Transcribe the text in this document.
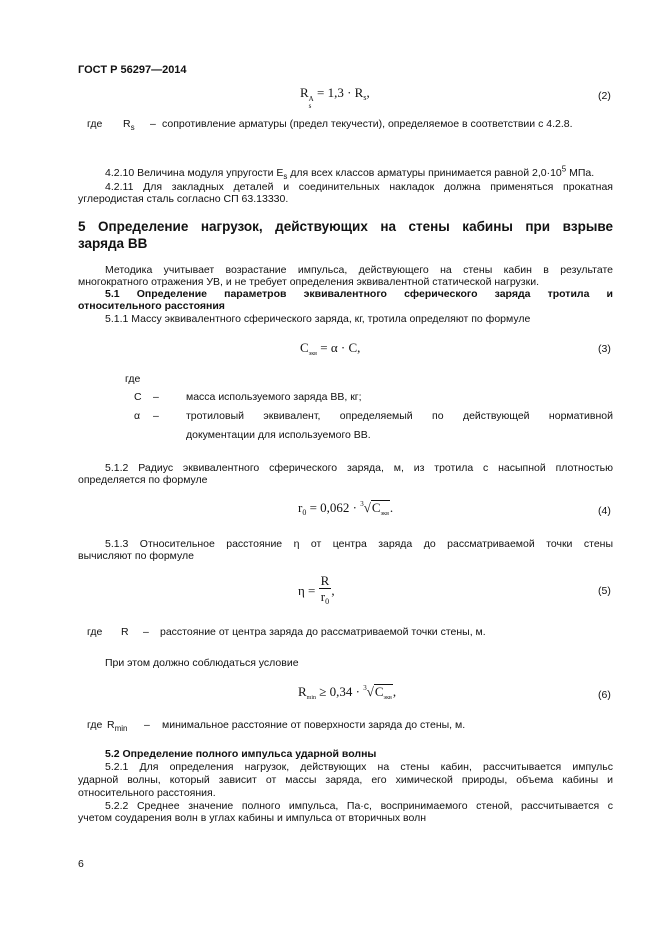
ГОСТ Р 56297—2014
R A
s
= $1,3 \cdot R_s$,	(2)
где $R_s$ – сопротивление арматуры (предел текучести), определяемое в соответствии с 4.2.8.
4.2.10 Величина модуля упругости $E_s$ для всех классов арматуры принимается равной $2,0\cdot 10^5$ МПа.
4.2.11 Для закладных деталей и соединительных накладок должна применяться прокатная
углеродистая сталь согласно СП 63.13330.
5 Определение нагрузок, действующих на стены кабины при взрыве
заряда ВВ
Методика учитывает возрастание импульса, действующего на стены кабин в результате
многократного отражения УВ, и не требует определения эквивалентной статической нагрузки.
5.1 Определение параметров эквивалентного сферического заряда тротила и
относительного расстояния
5.1.1 Массу эквивалентного сферического заряда, кг, тротила определяют по формуле
$C_{экв} = \alpha \cdot C$,	(3)
где
C –	масса используемого заряда ВВ, кг;
α –	тротиловый эквивалент, определяемый по действующей нормативной
документации для используемого ВВ.
5.1.2 Радиус эквивалентного сферического заряда, м, из тротила с насыпной плотностью
определяется по формуле
$r_0 = 0,062 \cdot ^3√C_{экв}$.	(4)
5.1.3 Относительное расстояние η от центра заряда до рассматриваемой точки стены
вычисляют по формуле
$\eta = \frac{R}{r_0}$ ,	(5)
где R – расстояние от центра заряда до рассматриваемой точки стены, м.
При этом должно соблюдаться условие
$R_{min} \ge 0,34 \cdot ^3√C_{экв}$,	(6)
где $R_{min}$ – минимальное расстояние от поверхности заряда до стены, м.
5.2 Определение полного импульса ударной волны
5.2.1 Для определения нагрузок, действующих на стены кабин, рассчитывается импульс
ударной волны, который зависит от массы заряда, его химической природы, объема кабины и
относительного расстояния.
5.2.2 Среднее значение полного импульса, Па·с, воспринимаемого стеной, рассчитывается с
учетом соударения волн в углах кабины и импульса от вторичных волн
6
